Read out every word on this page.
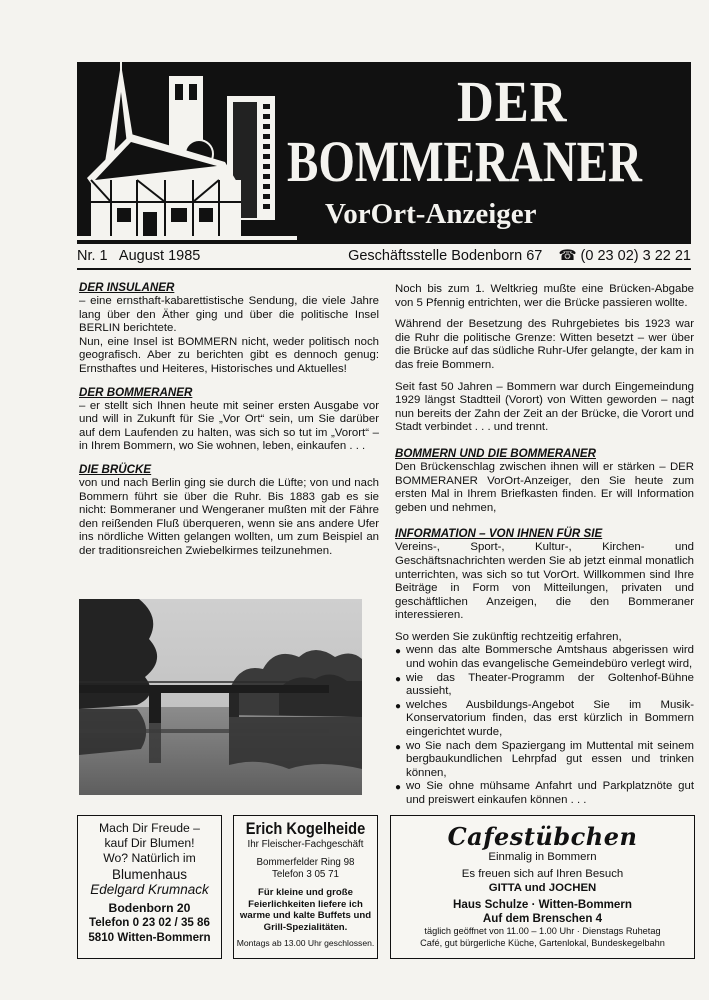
DER
BOMMERANER
VorOrt-Anzeiger
Nr. 1 August 1985	Geschäftsstelle Bodenborn 67 ☎ (0 23 02) 3 22 21
DER INSULANER

– eine ernsthaft-kabarettistische Sendung, die viele Jahre lang über den Äther ging und über die politische Insel BERLIN berichtete.

Nun, eine Insel ist BOMMERN nicht, weder politisch noch geografisch. Aber zu berichten gibt es dennoch genug: Ernsthaftes und Heiteres, Historisches und Aktuelles!

DER BOMMERANER

– er stellt sich Ihnen heute mit seiner ersten Ausgabe vor und will in Zukunft für Sie „Vor Ort“ sein, um Sie darüber auf dem Laufenden zu halten, was sich so tut im „Vorort“ – in Ihrem Bommern, wo Sie wohnen, leben, einkaufen . . .

DIE BRÜCKE

von und nach Berlin ging sie durch die Lüfte; von und nach Bommern führt sie über die Ruhr. Bis 1883 gab es sie nicht: Bommeraner und Wengeraner mußten mit der Fähre den reißenden Fluß überqueren, wenn sie ans andere Ufer ins nördliche Witten gelangen wollten, um zum Beispiel an der traditionsreichen Zwiebelkirmes teilzunehmen.

Noch bis zum 1. Weltkrieg mußte eine Brücken-Abgabe von 5 Pfennig entrichten, wer die Brücke passieren wollte.

Während der Besetzung des Ruhrgebietes bis 1923 war die Ruhr die politische Grenze: Witten besetzt – wer über die Brücke auf das südliche Ruhr-Ufer gelangte, der kam in das freie Bommern.

Seit fast 50 Jahren – Bommern war durch Eingemeindung 1929 längst Stadtteil (Vorort) von Witten geworden – nagt nun bereits der Zahn der Zeit an der Brücke, die Vorort und Stadt verbindet . . . und trennt.

BOMMERN UND DIE BOMMERANER

Den Brückenschlag zwischen ihnen will er stärken – DER BOMMERANER VorOrt-Anzeiger, den Sie heute zum ersten Mal in Ihrem Briefkasten finden. Er will Information geben und nehmen,

INFORMATION – VON IHNEN FÜR SIE

Vereins-, Sport-, Kultur-, Kirchen- und Geschäftsnachrichten werden Sie ab jetzt einmal monatlich unterrichten, was sich so tut VorOrt. Willkommen sind Ihre Beiträge in Form von Mitteilungen, privaten und geschäftlichen Anzeigen, die den Bommeraner interessieren.

So werden Sie zukünftig rechtzeitig erfahren,

● wenn das alte Bommersche Amtshaus abgerissen wird und wohin das evangelische Gemeindebüro verlegt wird,
● wie das Theater-Programm der Goltenhof-Bühne aussieht,
● welches Ausbildungs-Angebot Sie im Musik-Konservatorium finden, das erst kürzlich in Bommern eingerichtet wurde,
● wo Sie nach dem Spaziergang im Muttental mit seinem bergbaukundlichen Lehrpfad gut essen und trinken können,
● wo Sie ohne mühsame Anfahrt und Parkplatznöte gut und preiswert einkaufen können . . .
Mach Dir Freude –
kauf Dir Blumen!
Wo? Natürlich im
Blumenhaus
Edelgard Krumnack
Bodenborn 20
Telefon 0 23 02 / 35 86
5810 Witten-Bommern
Erich Kogelheide
Ihr Fleischer-Fachgeschäft
Bommerfelder Ring 98
Telefon 3 05 71
Für kleine und große Feierlichkeiten liefere ich warme und kalte Buffets und Grill-Spezialitäten.
Montags ab 13.00 Uhr geschlossen.
Cafestübchen
Einmalig in Bommern
Es freuen sich auf Ihren Besuch
GITTA und JOCHEN
Haus Schulze · Witten-Bommern
Auf dem Brenschen 4
täglich geöffnet von 11.00 – 1.00 Uhr · Dienstags Ruhetag
Café, gut bürgerliche Küche, Gartenlokal, Bundeskegelbahn
